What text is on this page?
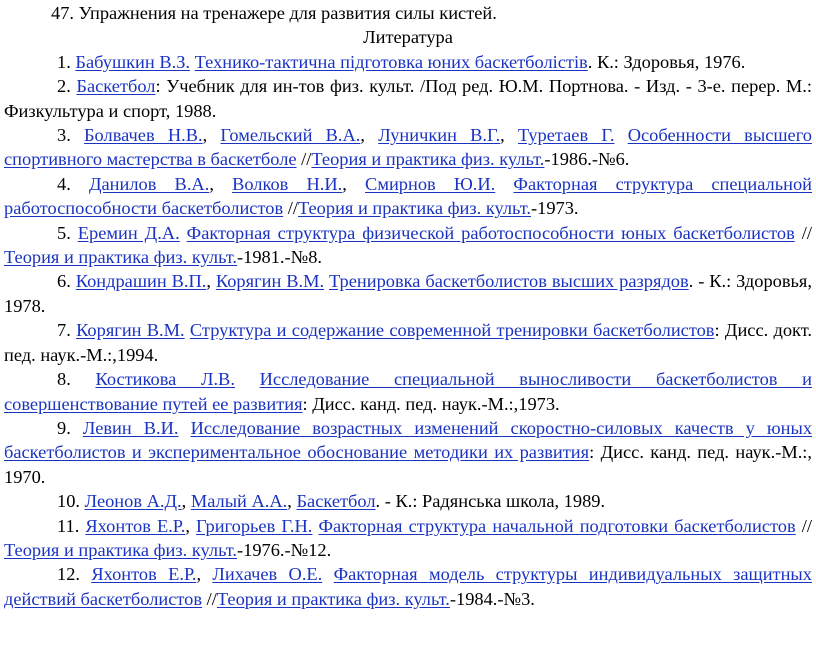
47. Упражнения на тренажере для развития силы кистей.
Литература

1. Бабушкин В.З. Технико-тактична підготовка юних баскетболістів. К.: Здоровья, 1976.

2. Баскетбол: Учебник для ин-тов физ. культ. /Под ред. Ю.М. Портнова. - Изд. - 3-е. перер. М.: Физкультура и спорт, 1988.

3. Болвачев Н.В., Гомельский В.А., Луничкин В.Г., Туретаев Г. Особенности высшего спортивного мастерства в баскетболе //Теория и практика физ. культ.-1986.-№6.

4. Данилов В.А., Волков Н.И., Смирнов Ю.И. Факторная структура специальной работоспособности баскетболистов //Теория и практика физ. культ.-1973.

5. Еремин Д.А. Факторная структура физической работоспособности юных баскетболистов //Теория и практика физ. культ.-1981.-№8.

6. Кондрашин В.П., Корягин В.М. Тренировка баскетболистов высших разрядов. - К.: Здоровья, 1978.

7. Корягин В.М. Структура и содержание современной тренировки баскетболистов: Дисс. докт. пед. наук.-М.:,1994.

8. Костикова Л.В. Исследование специальной выносливости баскетболистов и совершенствование путей ее развития: Дисс. канд. пед. наук.-М.:,1973.

9. Левин В.И. Исследование возрастных изменений скоростно-силовых качеств у юных баскетболистов и экспериментальное обоснование методики их развития: Дисс. канд. пед. наук.-М.:, 1970.

10. Леонов А.Д., Малый А.А., Баскетбол. - К.: Радянська школа, 1989.

11. Яхонтов Е.Р., Григорьев Г.Н. Факторная структура начальной подготовки баскетболистов //Теория и практика физ. культ.-1976.-№12.

12. Яхонтов Е.Р., Лихачев О.Е. Факторная модель структуры индивидуальных защитных действий баскетболистов //Теория и практика физ. культ.-1984.-№3.
